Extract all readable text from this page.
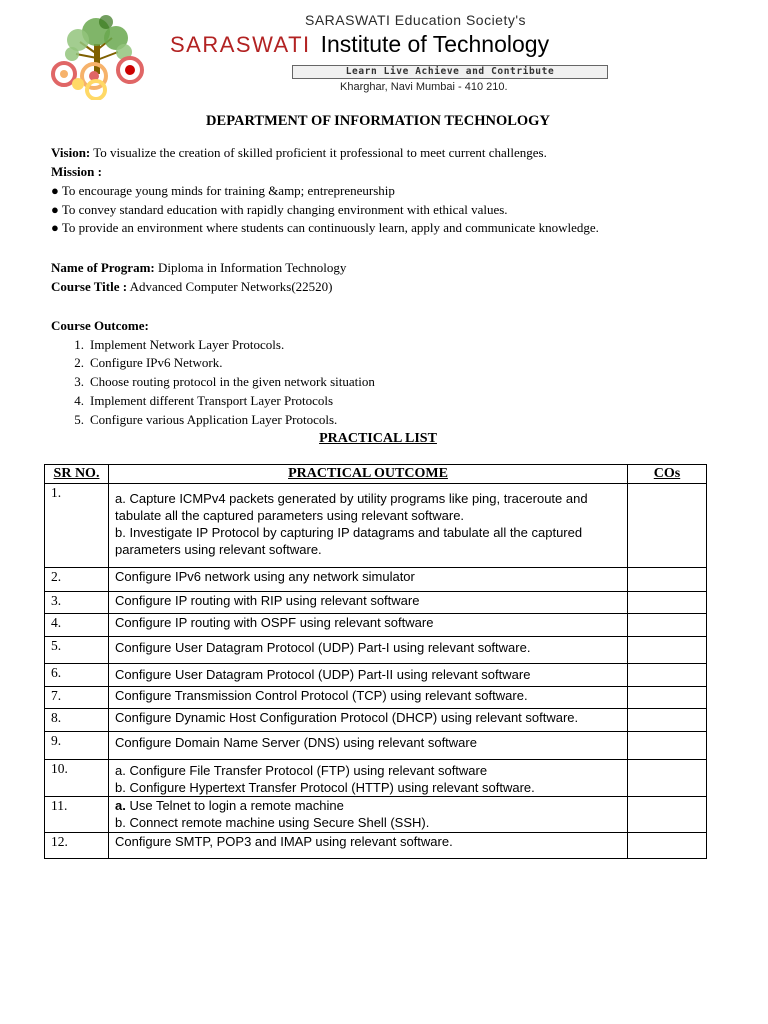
SARASWATI Education Society's
SARASWATI Institute of Technology
Learn Live Achieve and Contribute
Kharghar, Navi Mumbai - 410 210.
DEPARTMENT OF INFORMATION TECHNOLOGY
Vision: To visualize the creation of skilled proficient it professional to meet current challenges.
Mission :
● To encourage young minds for training &amp; entrepreneurship
● To convey standard education with rapidly changing environment with ethical values.
● To provide an environment where students can continuously learn, apply and communicate knowledge.
Name of Program: Diploma in Information Technology
Course Title : Advanced Computer Networks(22520)
Course Outcome:
1. Implement Network Layer Protocols.
2. Configure IPv6 Network.
3. Choose routing protocol in the given network situation
4. Implement different Transport Layer Protocols
5. Configure various Application Layer Protocols.
PRACTICAL LIST
SR NO.	PRACTICAL OUTCOME	COs
1.	a. Capture ICMPv4 packets generated by utility programs like ping, traceroute and
tabulate all the captured parameters using relevant software.
b. Investigate IP Protocol by capturing IP datagrams and tabulate all the captured
parameters using relevant software.	

2.	Configure IPv6 network using any network simulator	

3.	Configure IP routing with RIP using relevant software	

4.	Configure IP routing with OSPF using relevant software	

5.	Configure User Datagram Protocol (UDP) Part-I using relevant software.	

6.	Configure User Datagram Protocol (UDP) Part-II using relevant software	

7.	Configure Transmission Control Protocol (TCP) using relevant software.	

8.	Configure Dynamic Host Configuration Protocol (DHCP) using relevant software.	

9.	Configure Domain Name Server (DNS) using relevant software	

10.	a. Configure File Transfer Protocol (FTP) using relevant software
b. Configure Hypertext Transfer Protocol (HTTP) using relevant software.	

11.	a. Use Telnet to login a remote machine
b. Connect remote machine using Secure Shell (SSH).	

12.	Configure SMTP, POP3 and IMAP using relevant software.	
